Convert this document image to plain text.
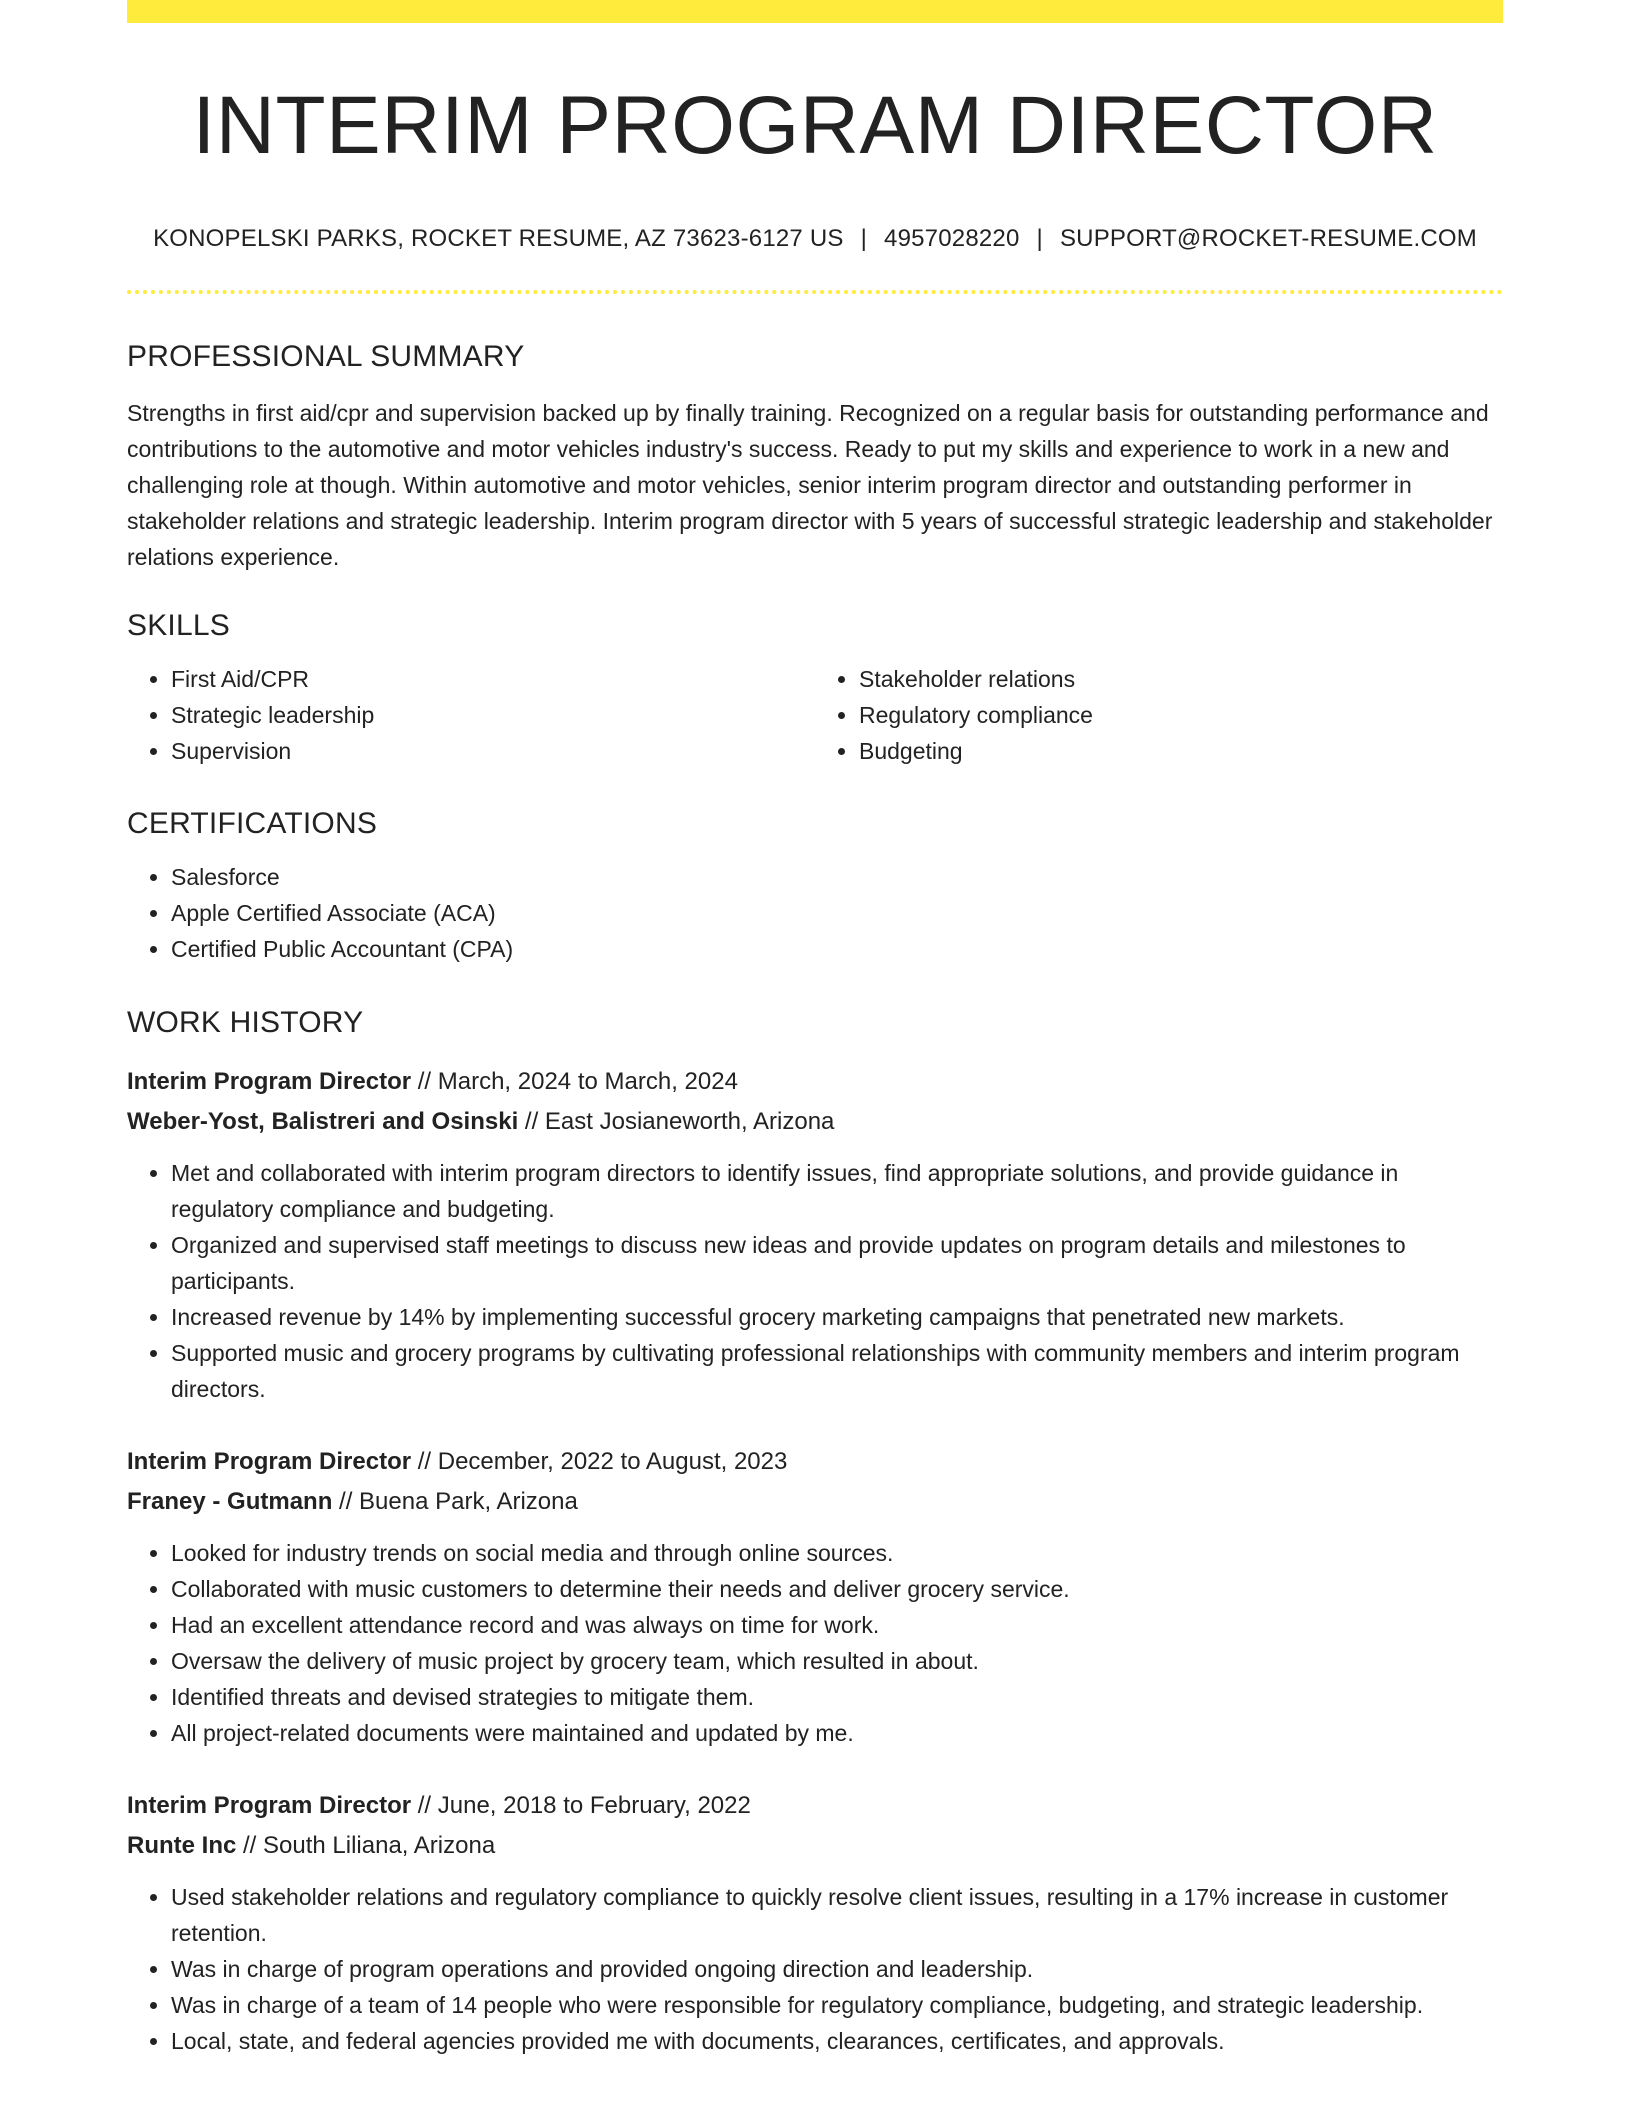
INTERIM PROGRAM DIRECTOR
KONOPELSKI PARKS, ROCKET RESUME, AZ 73623-6127 US | 4957028220 | SUPPORT@ROCKET-RESUME.COM
PROFESSIONAL SUMMARY

Strengths in first aid/cpr and supervision backed up by finally training. Recognized on a regular basis for outstanding performance and contributions to the automotive and motor vehicles industry's success. Ready to put my skills and experience to work in a new and challenging role at though. Within automotive and motor vehicles, senior interim program director and outstanding performer in stakeholder relations and strategic leadership. Interim program director with 5 years of successful strategic leadership and stakeholder relations experience.

SKILLS
• First Aid/CPR
• Strategic leadership
• Supervision
• Stakeholder relations
• Regulatory compliance
• Budgeting
CERTIFICATIONS
• Salesforce
• Apple Certified Associate (ACA)
• Certified Public Accountant (CPA)
WORK HISTORY
Interim Program Director // March, 2024 to March, 2024
Weber-Yost, Balistreri and Osinski // East Josianeworth, Arizona
• Met and collaborated with interim program directors to identify issues, find appropriate solutions, and provide guidance in regulatory compliance and budgeting.
• Organized and supervised staff meetings to discuss new ideas and provide updates on program details and milestones to participants.
• Increased revenue by 14% by implementing successful grocery marketing campaigns that penetrated new markets.
• Supported music and grocery programs by cultivating professional relationships with community members and interim program directors.
Interim Program Director // December, 2022 to August, 2023
Franey - Gutmann // Buena Park, Arizona
• Looked for industry trends on social media and through online sources.
• Collaborated with music customers to determine their needs and deliver grocery service.
• Had an excellent attendance record and was always on time for work.
• Oversaw the delivery of music project by grocery team, which resulted in about.
• Identified threats and devised strategies to mitigate them.
• All project-related documents were maintained and updated by me.
Interim Program Director // June, 2018 to February, 2022
Runte Inc // South Liliana, Arizona
• Used stakeholder relations and regulatory compliance to quickly resolve client issues, resulting in a 17% increase in customer retention.
• Was in charge of program operations and provided ongoing direction and leadership.
• Was in charge of a team of 14 people who were responsible for regulatory compliance, budgeting, and strategic leadership.
• Local, state, and federal agencies provided me with documents, clearances, certificates, and approvals.
